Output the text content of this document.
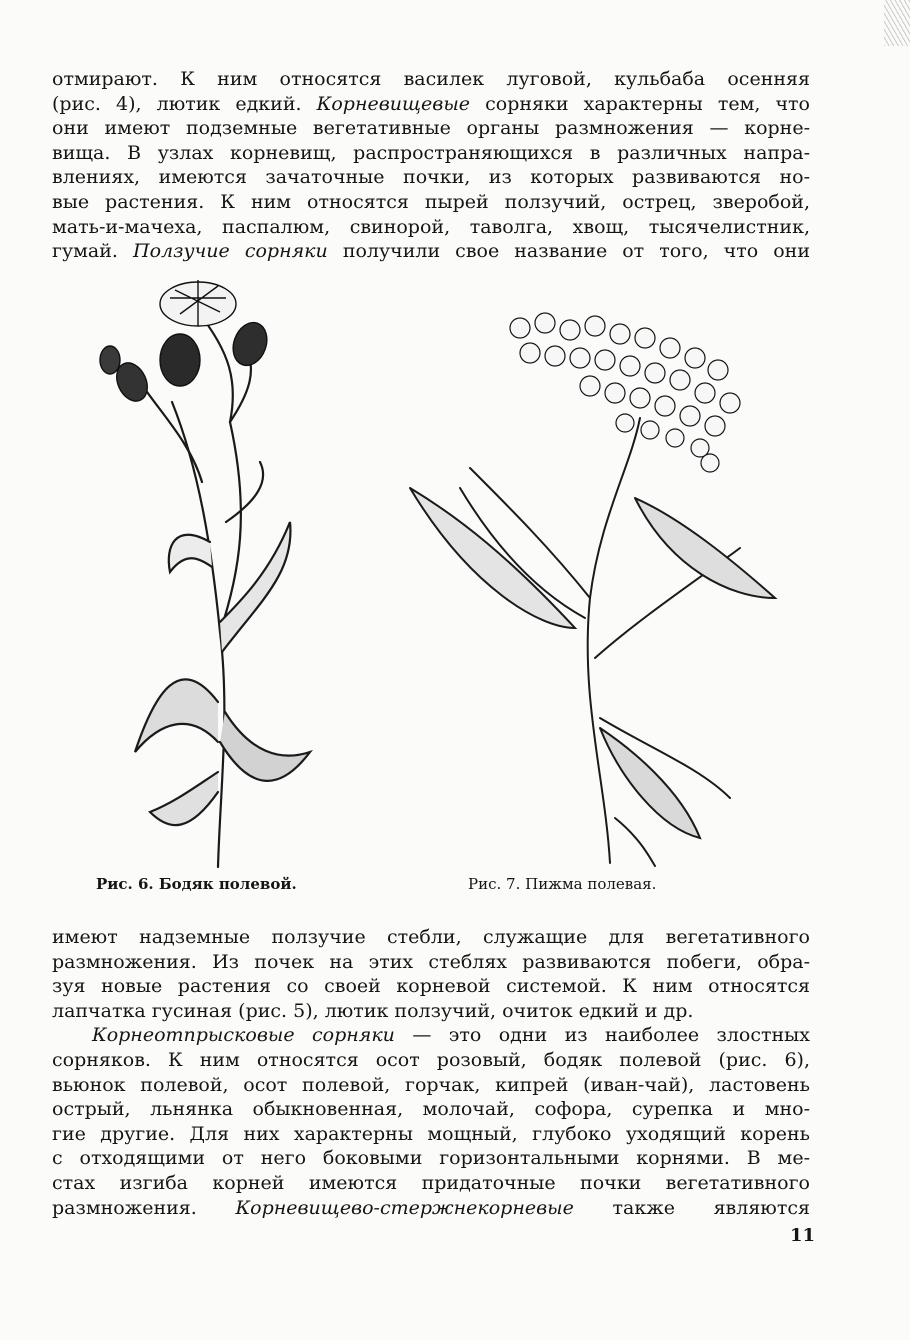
отмирают. К ним относятся василек луговой, кульбаба осенняя
(рис. 4), лютик едкий. Корневищевые сорняки характерны тем, что
они имеют подземные вегетативные органы размножения — корне-
вища. В узлах корневищ, распространяющихся в различных напра-
влениях, имеются зачаточные почки, из которых развиваются но-
вые растения. К ним относятся пырей ползучий, острец, зверобой,
мать-и-мачеха, паспалюм, свинорой, таволга, хвощ, тысячелистник,
гумай. Ползучие сорняки получили свое название от того, что они
Рис. 6. Бодяк полевой.	Рис. 7. Пижма полевая.
имеют надземные ползучие стебли, служащие для вегетативного
размножения. Из почек на этих стеблях развиваются побеги, обра-
зуя новые растения со своей корневой системой. К ним относятся
лапчатка гусиная (рис. 5), лютик ползучий, очиток едкий и др.
Корнеотпрысковые сорняки — это одни из наиболее злостных
сорняков. К ним относятся осот розовый, бодяк полевой (рис. 6),
вьюнок полевой, осот полевой, горчак, кипрей (иван-чай), ластовень
острый, льнянка обыкновенная, молочай, софора, сурепка и мно-
гие другие. Для них характерны мощный, глубоко уходящий корень
с отходящими от него боковыми горизонтальными корнями. В ме-
стах изгиба корней имеются придаточные почки вегетативного
размножения. Корневищево-стержнекорневые также являются
11
